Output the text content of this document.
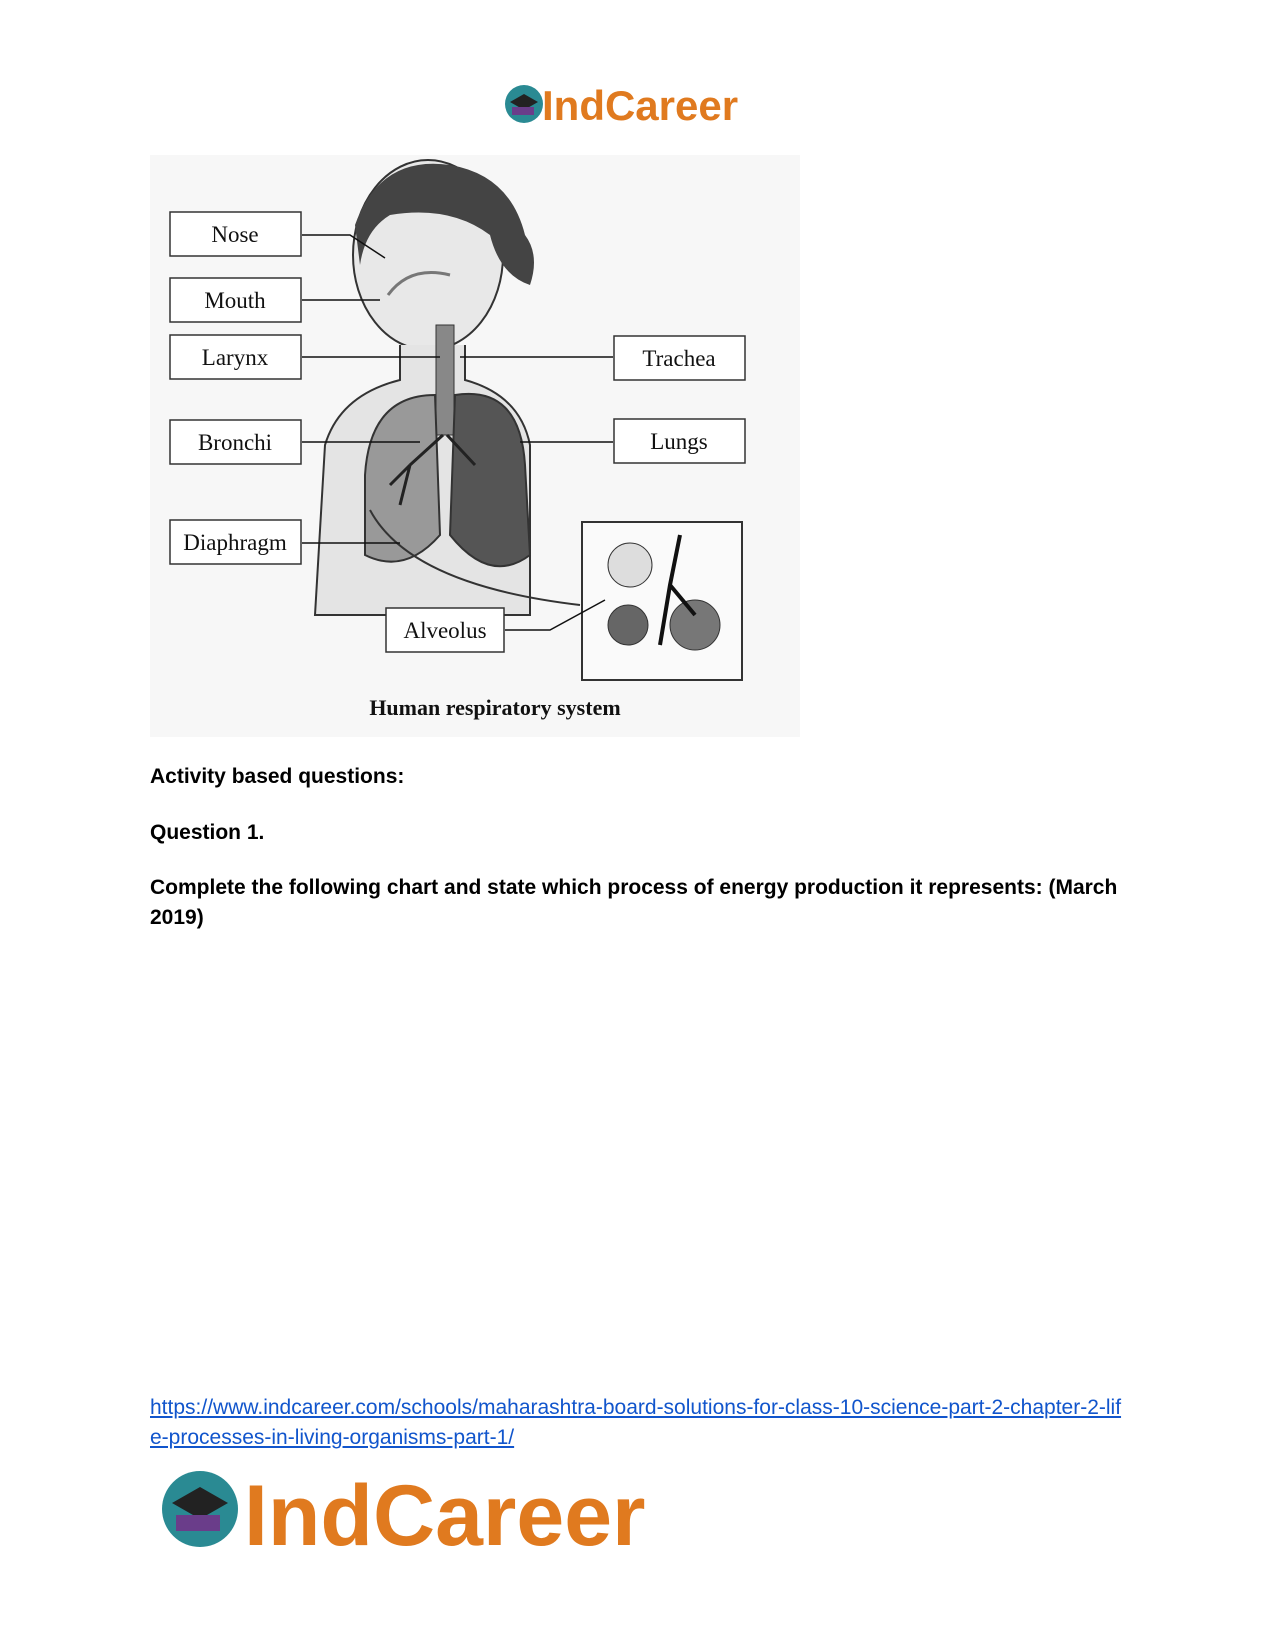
IndCareer
Nose
Mouth
Larynx
Bronchi
Diaphragm
Trachea
Lungs
Alveolus
Human respiratory system

Activity based questions:

Question 1.

Complete the following chart and state which process of energy production it represents: (March 2019)

https://www.indcareer.com/schools/maharashtra-board-solutions-for-class-10-science-part-2-chapter-2-life-processes-in-living-organisms-part-1/
IndCareer
